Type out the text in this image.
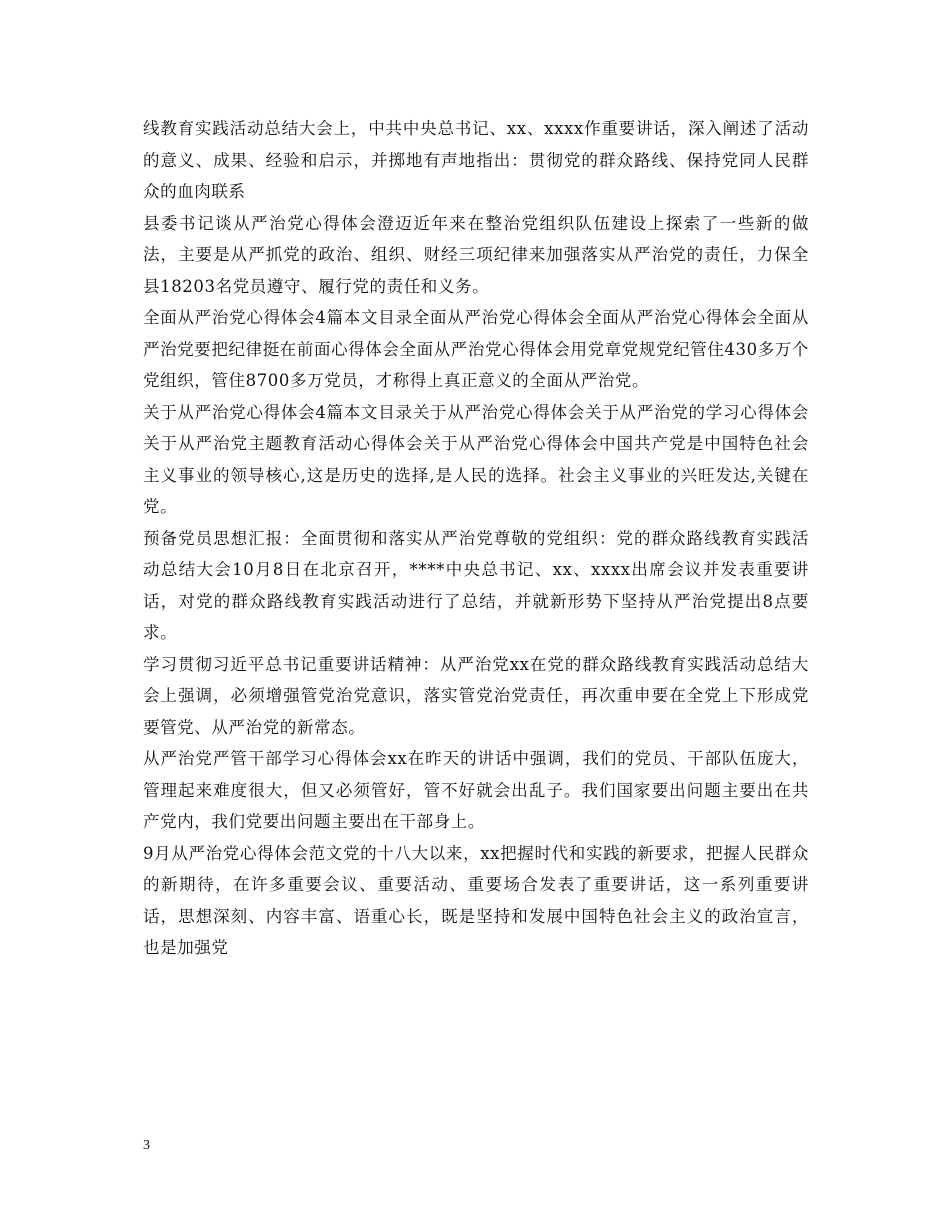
线教育实践活动总结大会上，中共中央总书记、xx、xxxx作重要讲话，深入阐述了活动的意义、成果、经验和启示，并掷地有声地指出：贯彻党的群众路线、保持党同人民群众的血肉联系

县委书记谈从严治党心得体会澄迈近年来在整治党组织队伍建设上探索了一些新的做法，主要是从严抓党的政治、组织、财经三项纪律来加强落实从严治党的责任，力保全县18203名党员遵守、履行党的责任和义务。

全面从严治党心得体会4篇本文目录全面从严治党心得体会全面从严治党心得体会全面从严治党要把纪律挺在前面心得体会全面从严治党心得体会用党章党规党纪管住430多万个党组织，管住8700多万党员，才称得上真正意义的全面从严治党。

关于从严治党心得体会4篇本文目录关于从严治党心得体会关于从严治党的学习心得体会关于从严治党主题教育活动心得体会关于从严治党心得体会中国共产党是中国特色社会主义事业的领导核心,这是历史的选择,是人民的选择。社会主义事业的兴旺发达,关键在党。

预备党员思想汇报：全面贯彻和落实从严治党尊敬的党组织：党的群众路线教育实践活动总结大会10月8日在北京召开，****中央总书记、xx、xxxx出席会议并发表重要讲话，对党的群众路线教育实践活动进行了总结，并就新形势下坚持从严治党提出8点要求。

学习贯彻习近平总书记重要讲话精神：从严治党xx在党的群众路线教育实践活动总结大会上强调，必须增强管党治党意识，落实管党治党责任，再次重申要在全党上下形成党要管党、从严治党的新常态。

从严治党严管干部学习心得体会xx在昨天的讲话中强调，我们的党员、干部队伍庞大，管理起来难度很大，但又必须管好，管不好就会出乱子。我们国家要出问题主要出在共产党内，我们党要出问题主要出在干部身上。

9月从严治党心得体会范文党的十八大以来，xx把握时代和实践的新要求，把握人民群众的新期待，在许多重要会议、重要活动、重要场合发表了重要讲话，这一系列重要讲话，思想深刻、内容丰富、语重心长，既是坚持和发展中国特色社会主义的政治宣言，也是加强党

3
